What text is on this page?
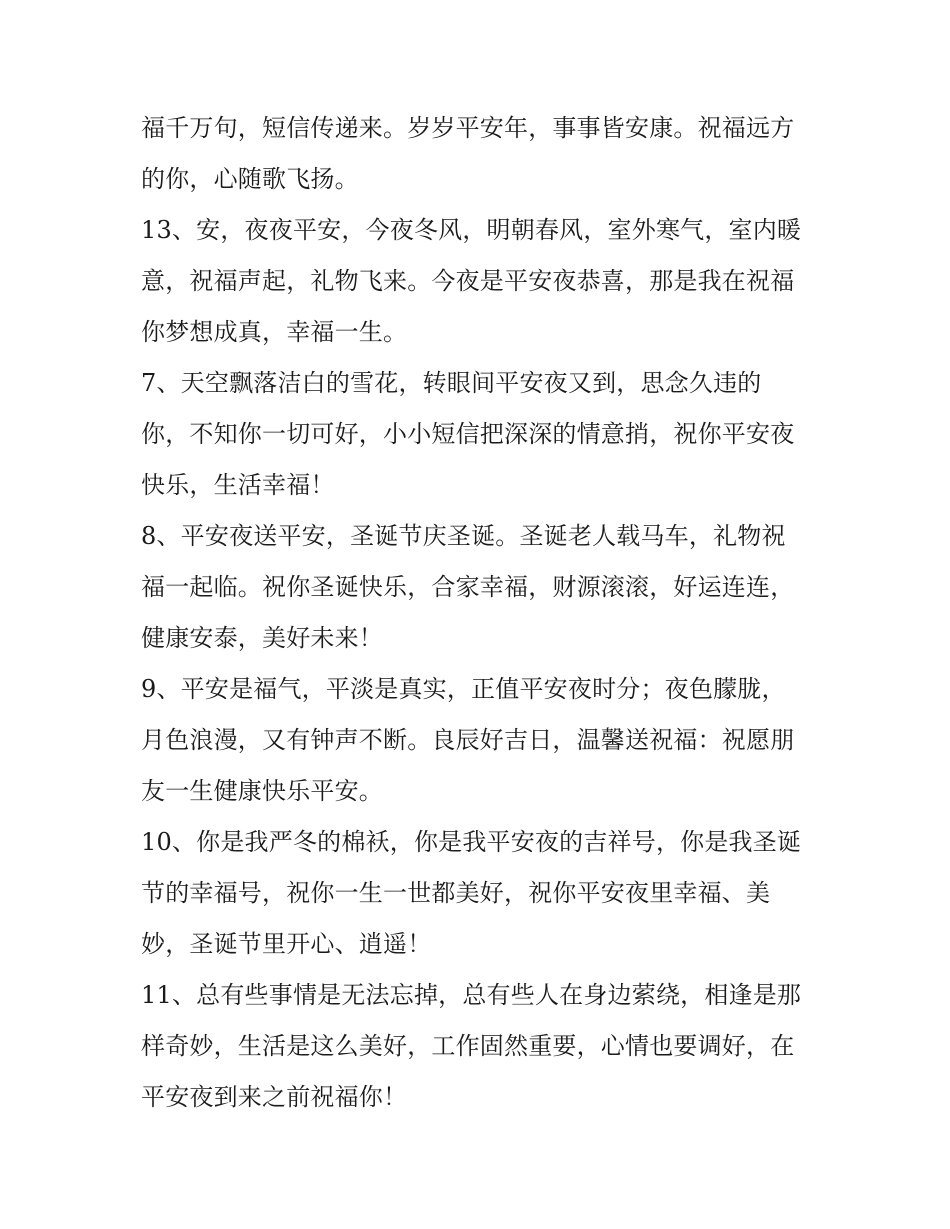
福千万句，短信传递来。岁岁平安年，事事皆安康。祝福远方
的你，心随歌飞扬。
13、安，夜夜平安，今夜冬风，明朝春风，室外寒气，室内暖
意，祝福声起，礼物飞来。今夜是平安夜恭喜，那是我在祝福
你梦想成真，幸福一生。
7、天空飘落洁白的雪花，转眼间平安夜又到，思念久违的
你，不知你一切可好，小小短信把深深的情意捎，祝你平安夜
快乐，生活幸福！
8、平安夜送平安，圣诞节庆圣诞。圣诞老人载马车，礼物祝
福一起临。祝你圣诞快乐，合家幸福，财源滚滚，好运连连，
健康安泰，美好未来！
9、平安是福气，平淡是真实，正值平安夜时分；夜色朦胧，
月色浪漫，又有钟声不断。良辰好吉日，温馨送祝福：祝愿朋
友一生健康快乐平安。
10、你是我严冬的棉袄，你是我平安夜的吉祥号，你是我圣诞
节的幸福号，祝你一生一世都美好，祝你平安夜里幸福、美
妙，圣诞节里开心、逍遥！
11、总有些事情是无法忘掉，总有些人在身边萦绕，相逢是那
样奇妙，生活是这么美好，工作固然重要，心情也要调好，在
平安夜到来之前祝福你！
